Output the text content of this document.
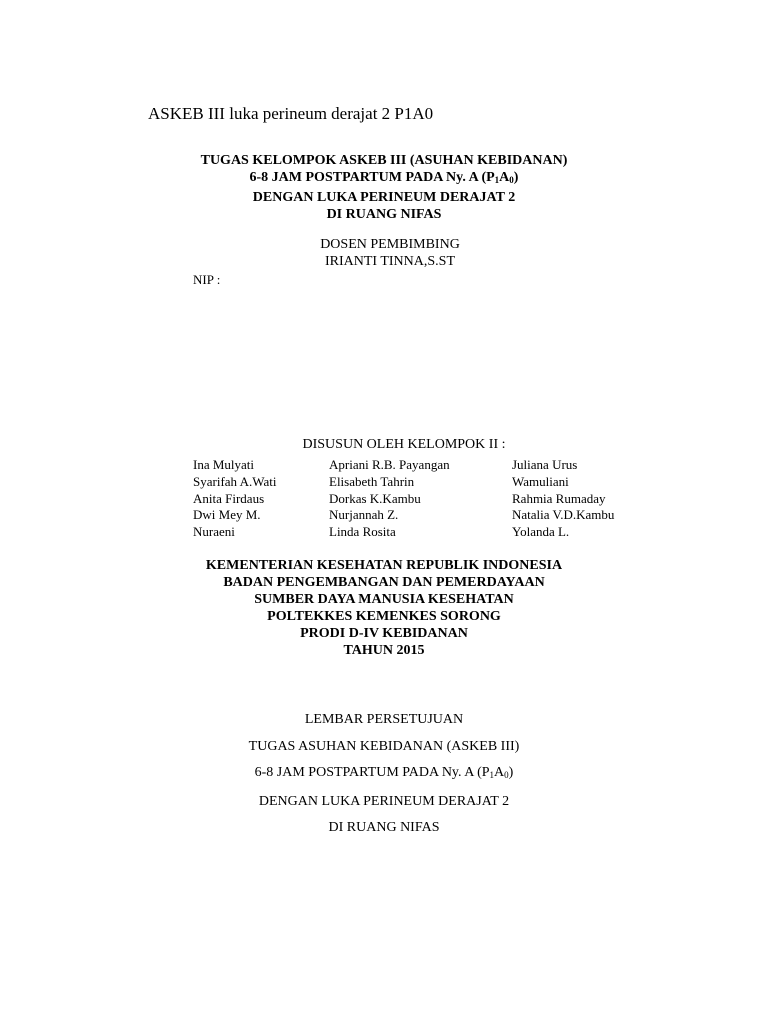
ASKEB III luka perineum derajat 2 P1A0
TUGAS KELOMPOK ASKEB III (ASUHAN KEBIDANAN)
6-8 JAM POSTPARTUM PADA Ny. A $(P_1A_0)$
DENGAN LUKA PERINEUM DERAJAT 2
DI RUANG NIFAS
DOSEN PEMBIMBING
IRIANTI TINNA,S.ST
NIP :
DISUSUN OLEH KELOMPOK II :
Ina Mulyati	Apriani R.B. Payangan	Juliana Urus
Syarifah A.Wati	Elisabeth Tahrin	Wamuliani
Anita Firdaus	Dorkas K.Kambu	Rahmia Rumaday
Dwi Mey M.	Nurjannah Z.	Natalia V.D.Kambu
Nuraeni	Linda Rosita	Yolanda L.
KEMENTERIAN KESEHATAN REPUBLIK INDONESIA
BADAN PENGEMBANGAN DAN PEMERDAYAAN
SUMBER DAYA MANUSIA KESEHATAN
POLTEKKES KEMENKES SORONG
PRODI D-IV KEBIDANAN
TAHUN 2015
LEMBAR PERSETUJUAN
TUGAS ASUHAN KEBIDANAN (ASKEB III)
6-8 JAM POSTPARTUM PADA Ny. A $(P_1A_0)$
DENGAN LUKA PERINEUM DERAJAT 2
DI RUANG NIFAS
